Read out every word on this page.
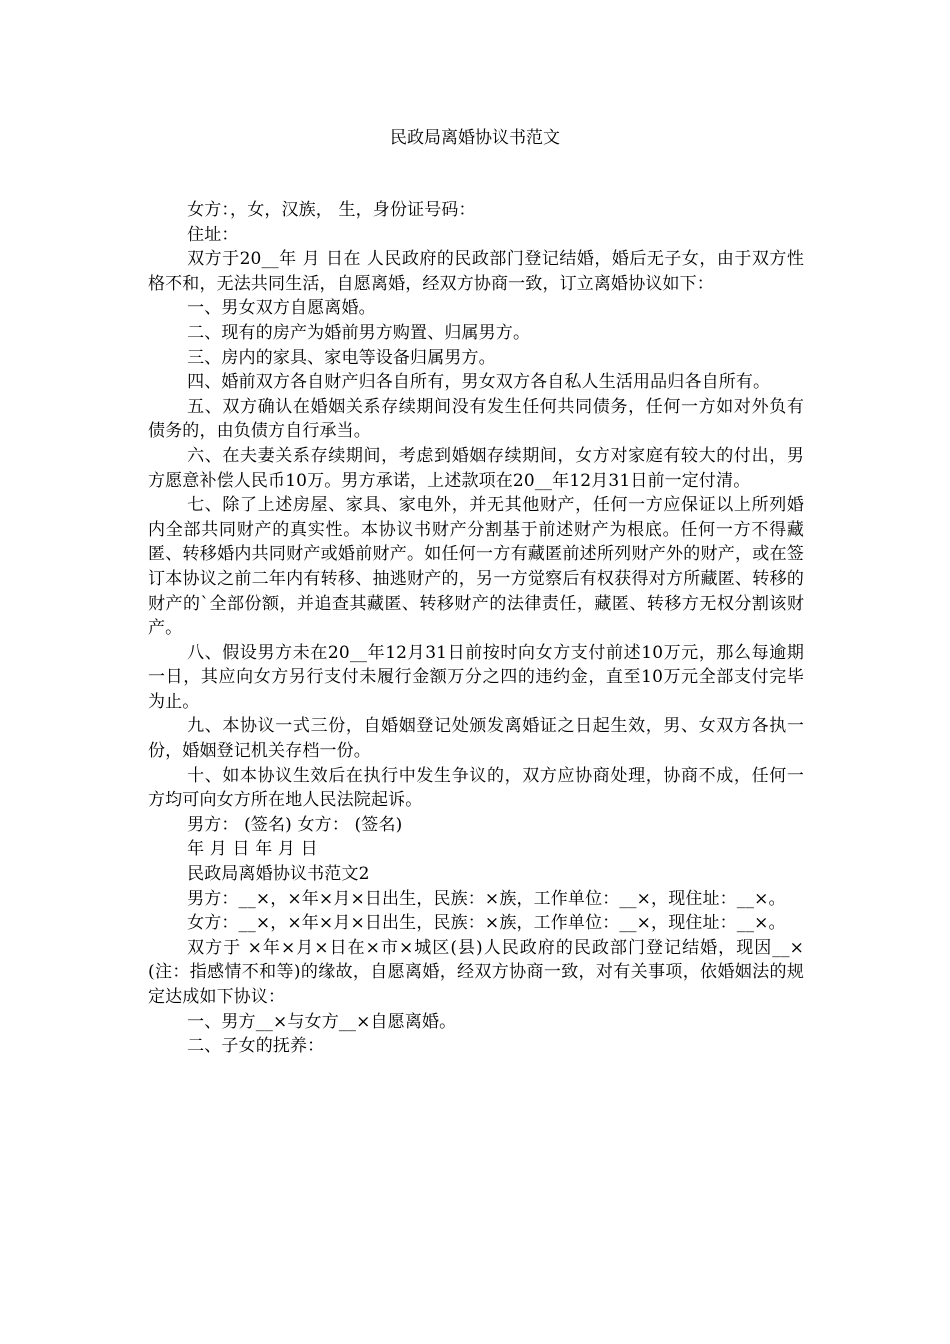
民政局离婚协议书范文

女方：，女，汉族， 生，身份证号码：

住址：

双方于20__年 月 日在 人民政府的民政部门登记结婚，婚后无子女，由于双方性格不和，无法共同生活，自愿离婚，经双方协商一致，订立离婚协议如下：

一、男女双方自愿离婚。

二、现有的房产为婚前男方购置、归属男方。

三、房内的家具、家电等设备归属男方。

四、婚前双方各自财产归各自所有，男女双方各自私人生活用品归各自所有。

五、双方确认在婚姻关系存续期间没有发生任何共同债务，任何一方如对外负有债务的，由负债方自行承当。

六、在夫妻关系存续期间，考虑到婚姻存续期间，女方对家庭有较大的付出，男方愿意补偿人民币10万。男方承诺，上述款项在20__年12月31日前一定付清。

七、除了上述房屋、家具、家电外，并无其他财产，任何一方应保证以上所列婚内全部共同财产的真实性。本协议书财产分割基于前述财产为根底。任何一方不得藏匿、转移婚内共同财产或婚前财产。如任何一方有藏匿前述所列财产外的财产，或在签订本协议之前二年内有转移、抽逃财产的，另一方觉察后有权获得对方所藏匿、转移的财产的`全部份额，并追查其藏匿、转移财产的法律责任，藏匿、转移方无权分割该财产。

八、假设男方未在20__年12月31日前按时向女方支付前述10万元，那么每逾期一日，其应向女方另行支付未履行金额万分之四的违约金，直至10万元全部支付完毕为止。

九、本协议一式三份，自婚姻登记处颁发离婚证之日起生效，男、女双方各执一份，婚姻登记机关存档一份。

十、如本协议生效后在执行中发生争议的，双方应协商处理，协商不成，任何一方均可向女方所在地人民法院起诉。

男方： (签名) 女方： (签名)

年 月 日 年 月 日

民政局离婚协议书范文2

男方：__×，×年×月×日出生，民族：×族，工作单位：__×，现住址：__×。

女方：__×，×年×月×日出生，民族：×族，工作单位：__×，现住址：__×。

双方于 ×年×月×日在×市×城区(县)人民政府的民政部门登记结婚，现因__×(注：指感情不和等)的缘故，自愿离婚，经双方协商一致，对有关事项，依婚姻法的规定达成如下协议：

一、男方__×与女方__×自愿离婚。

二、子女的抚养：
